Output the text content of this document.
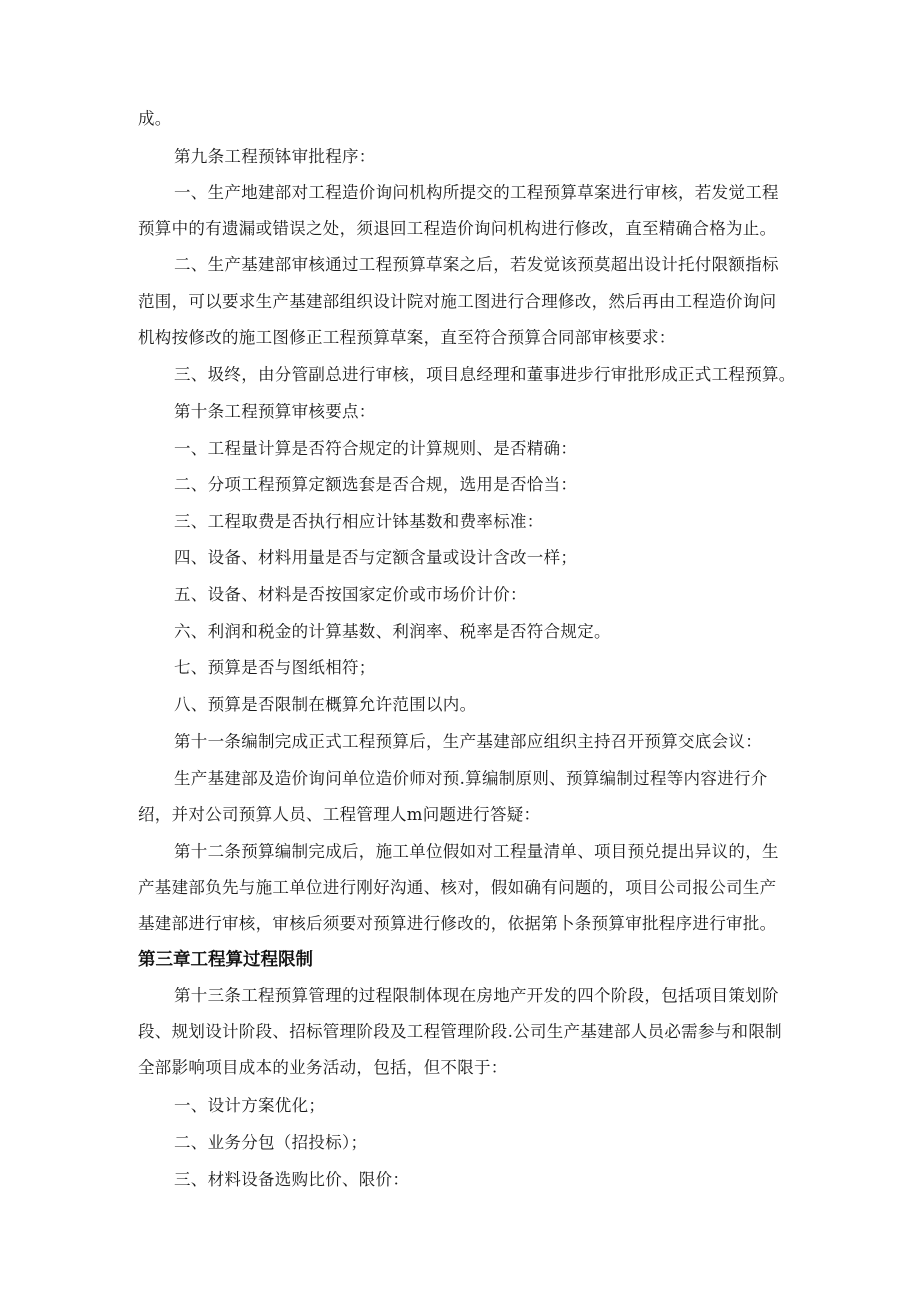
成。
第九条工程预钵审批程序：
一、生产地建部对工程造价询问机构所提交的工程预算草案进行审核，若发觉工程
预算中的有遗漏或错误之处，须退回工程造价询问机构进行修改，直至精确合格为止。
二、生产基建部审核通过工程预算草案之后，若发觉该预莫超出设计托付限额指标
范围，可以要求生产基建部组织设计院对施工图进行合理修改，然后再由工程造价询问
机构按修改的施工图修正工程预算草案，直至符合预算合同部审核要求：
三、圾终，由分管副总进行审核，项目息经理和董事进步行审批形成正式工程预算。
第十条工程预算审核要点：
一、工程量计算是否符合规定的计算规则、是否精确：
二、分项工程预算定额选套是否合规，选用是否恰当：
三、工程取费是否执行相应计钵基数和费率标准：
四、设备、材料用量是否与定额含量或设计含改一样；
五、设备、材料是否按国家定价或市场价计价：
六、利润和税金的计算基数、利润率、税率是否符合规定。
七、预算是否与图纸相符；
八、预算是否限制在概算允许范围以内。
第十一条编制完成正式工程预算后，生产基建部应组织主持召开预算交底会议：
生产基建部及造价询问单位造价师对预.算编制原则、预算编制过程等内容进行介
绍，并对公司预算人员、工程管理人m问题进行答疑：
第十二条预算编制完成后，施工单位假如对工程量清单、项目预兑提出异议的，生
产基建部负先与施工单位进行刚好沟通、核对，假如确有问题的，项目公司报公司生产
基建部进行审核，审核后须要对预算进行修改的，依据第卜条预算审批程序进行审批。
第三章工程算过程限制
第十三条工程预算管理的过程限制体现在房地产开发的四个阶段，包括项目策划阶
段、规划设计阶段、招标管理阶段及工程管理阶段.公司生产基建部人员必需参与和限制
全部影响项目成本的业务活动，包括，但不限于：
一、设计方案优化；
二、业务分包（招投标）；
三、材料设备选购比价、限价：
